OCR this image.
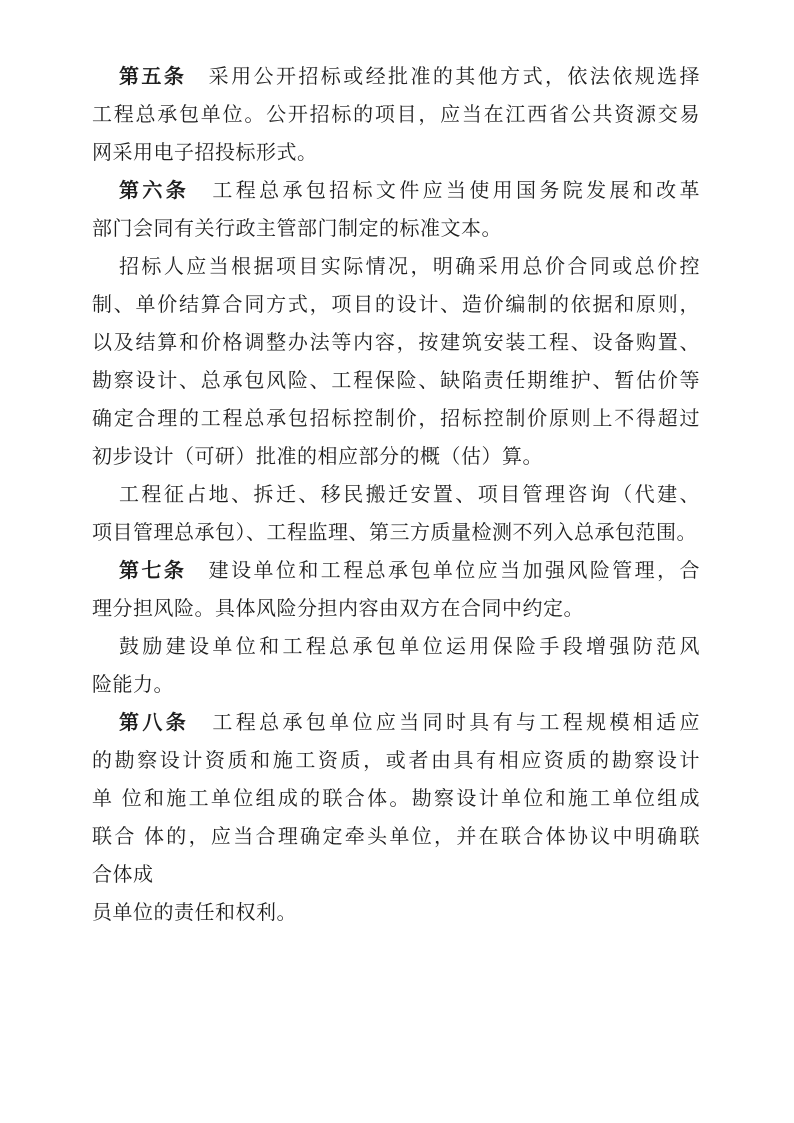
第五条　采用公开招标或经批准的其他方式，依法依规选择
工程总承包单位。公开招标的项目，应当在江西省公共资源交易
网采用电子招投标形式。
第六条　工程总承包招标文件应当使用国务院发展和改革
部门会同有关行政主管部门制定的标准文本。
招标人应当根据项目实际情况，明确采用总价合同或总价控
制、单价结算合同方式，项目的设计、造价编制的依据和原则，
以及结算和价格调整办法等内容，按建筑安装工程、设备购置、
勘察设计、总承包风险、工程保险、缺陷责任期维护、暂估价等
确定合理的工程总承包招标控制价，招标控制价原则上不得超过
初步设计（可研）批准的相应部分的概（估）算。
工程征占地、拆迁、移民搬迁安置、项目管理咨询（代建、
项目管理总承包）、工程监理、第三方质量检测不列入总承包范围。
第七条　建设单位和工程总承包单位应当加强风险管理，合
理分担风险。具体风险分担内容由双方在合同中约定。
鼓励建设单位和工程总承包单位运用保险手段增强防范风
险能力。
第八条　工程总承包单位应当同时具有与工程规模相适应
的勘察设计资质和施工资质，或者由具有相应资质的勘察设计
单 位和施工单位组成的联合体。勘察设计单位和施工单位组成
联合 体的，应当合理确定牵头单位，并在联合体协议中明确联
合体成
员单位的责任和权利。
